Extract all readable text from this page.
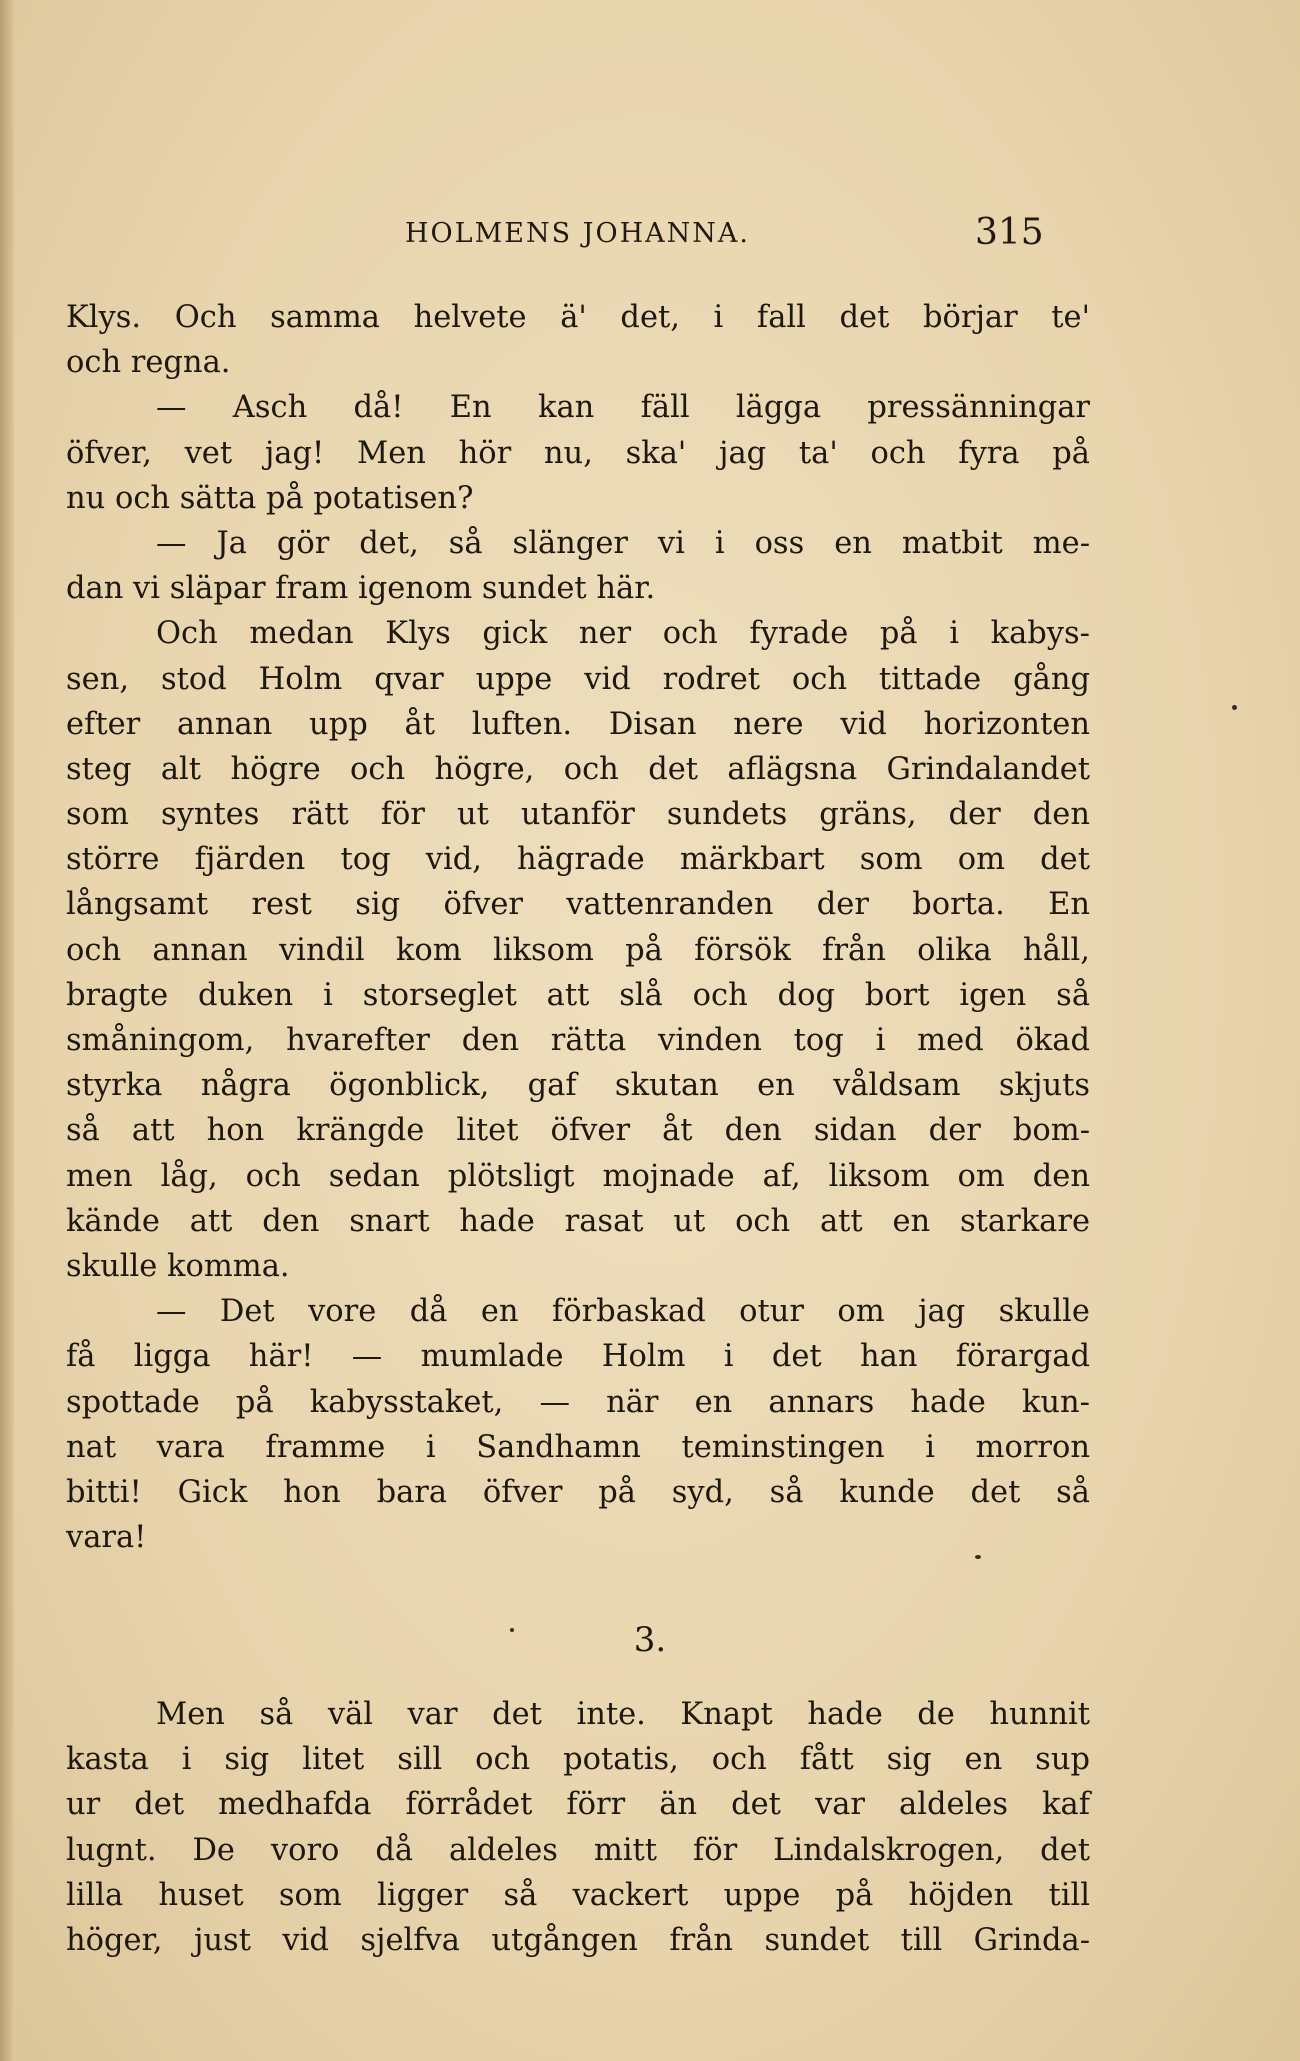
HOLMENS JOHANNA.	315
Klys. Och samma helvete ä' det, i fall det börjar te'
och regna.
— Asch då! En kan fäll lägga pressänningar
öfver, vet jag! Men hör nu, ska' jag ta' och fyra på
nu och sätta på potatisen?
— Ja gör det, så slänger vi i oss en matbit me-
dan vi släpar fram igenom sundet här.
Och medan Klys gick ner och fyrade på i kabys-
sen, stod Holm qvar uppe vid rodret och tittade gång
efter annan upp åt luften. Disan nere vid horizonten
steg alt högre och högre, och det aflägsna Grindalandet
som syntes rätt för ut utanför sundets gräns, der den
större fjärden tog vid, hägrade märkbart som om det
långsamt rest sig öfver vattenranden der borta. En
och annan vindil kom liksom på försök från olika håll,
bragte duken i storseglet att slå och dog bort igen så
småningom, hvarefter den rätta vinden tog i med ökad
styrka några ögonblick, gaf skutan en våldsam skjuts
så att hon krängde litet öfver åt den sidan der bom-
men låg, och sedan plötsligt mojnade af, liksom om den
kände att den snart hade rasat ut och att en starkare
skulle komma.
— Det vore då en förbaskad otur om jag skulle
få ligga här! — mumlade Holm i det han förargad
spottade på kabysstaket, — när en annars hade kun-
nat vara framme i Sandhamn teminstingen i morron
bitti! Gick hon bara öfver på syd, så kunde det så
vara!
3.
Men så väl var det inte. Knapt hade de hunnit
kasta i sig litet sill och potatis, och fått sig en sup
ur det medhafda förrådet förr än det var aldeles kaf
lugnt. De voro då aldeles mitt för Lindalskrogen, det
lilla huset som ligger så vackert uppe på höjden till
höger, just vid sjelfva utgången från sundet till Grinda-
